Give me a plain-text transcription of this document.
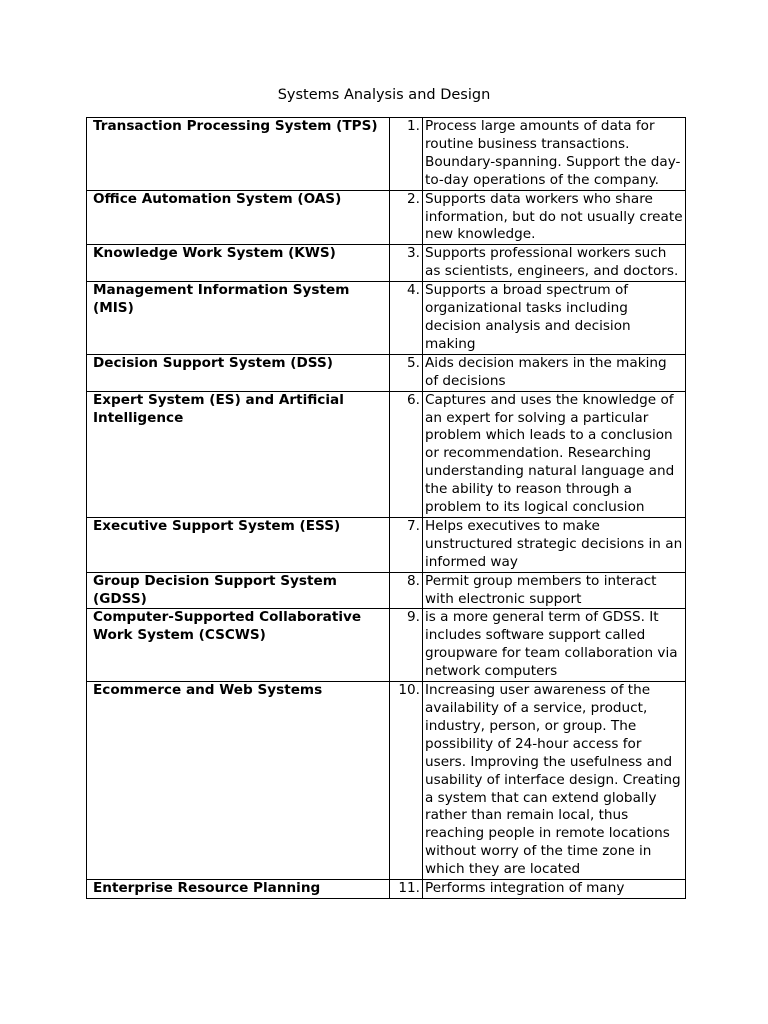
Systems Analysis and Design
Transaction Processing System (TPS)	1.	Process large amounts of data for routine business transactions. Boundary-spanning. Support the day-to-day operations of the company.
Office Automation System (OAS)	2.	Supports data workers who share information, but do not usually create new knowledge.
Knowledge Work System (KWS)	3.	Supports professional workers such as scientists, engineers, and doctors.
Management Information System (MIS)	4.	Supports a broad spectrum of organizational tasks including decision analysis and decision making
Decision Support System (DSS)	5.	Aids decision makers in the making of decisions
Expert System (ES) and Artificial Intelligence	6.	Captures and uses the knowledge of an expert for solving a particular problem which leads to a conclusion or recommendation. Researching understanding natural language and the ability to reason through a problem to its logical conclusion
Executive Support System (ESS)	7.	Helps executives to make unstructured strategic decisions in an informed way
Group Decision Support System (GDSS)	8.	Permit group members to interact with electronic support
Computer-Supported Collaborative Work System (CSCWS)	9.	is a more general term of GDSS. It includes software support called groupware for team collaboration via network computers
Ecommerce and Web Systems	10.	Increasing user awareness of the availability of a service, product, industry, person, or group. The possibility of 24-hour access for users. Improving the usefulness and usability of interface design. Creating a system that can extend globally rather than remain local, thus reaching people in remote locations without worry of the time zone in which they are located
Enterprise Resource Planning	11.	Performs integration of many
